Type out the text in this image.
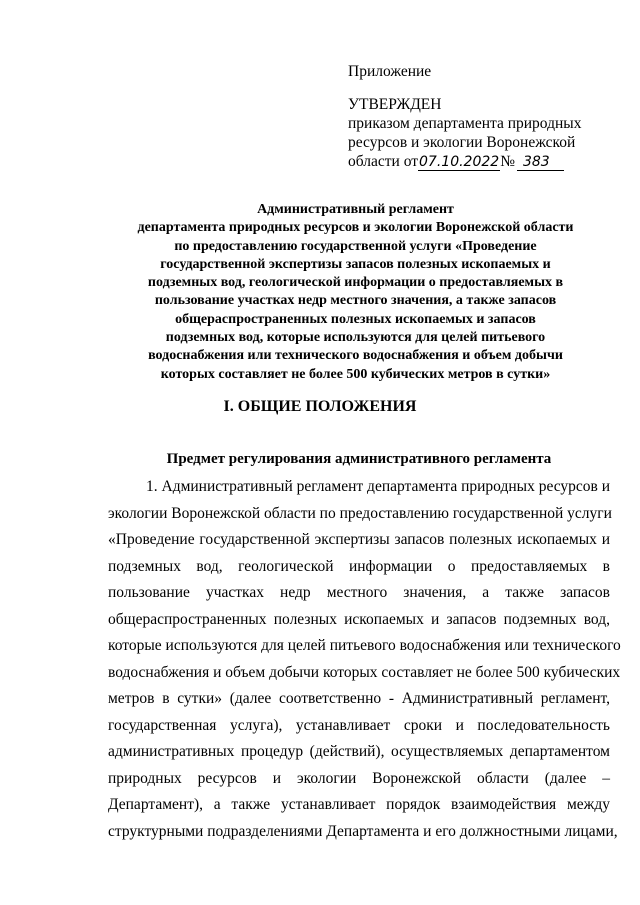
Приложение
УТВЕРЖДЕН
приказом департамента природных
ресурсов и экологии Воронежской
области от07.10.2022№ 383
Административный регламент
департамента природных ресурсов и экологии Воронежской области
по предоставлению государственной услуги «Проведение
государственной экспертизы запасов полезных ископаемых и
подземных вод, геологической информации о предоставляемых в
пользование участках недр местного значения, а также запасов
общераспространенных полезных ископаемых и запасов
подземных вод, которые используются для целей питьевого
водоснабжения или технического водоснабжения и объем добычи
которых составляет не более 500 кубических метров в сутки»
I. ОБЩИЕ ПОЛОЖЕНИЯ
Предмет регулирования административного регламента
1. Административный регламент департамента природных ресурсов и
экологии Воронежской области по предоставлению государственной услуги
«Проведение государственной экспертизы запасов полезных ископаемых и
подземных вод, геологической информации о предоставляемых в
пользование участках недр местного значения, а также запасов
общераспространенных полезных ископаемых и запасов подземных вод,
которые используются для целей питьевого водоснабжения или технического
водоснабжения и объем добычи которых составляет не более 500 кубических
метров в сутки» (далее соответственно - Административный регламент,
государственная услуга), устанавливает сроки и последовательность
административных процедур (действий), осуществляемых департаментом
природных ресурсов и экологии Воронежской области (далее –
Департамент), а также устанавливает порядок взаимодействия между
структурными подразделениями Департамента и его должностными лицами,
